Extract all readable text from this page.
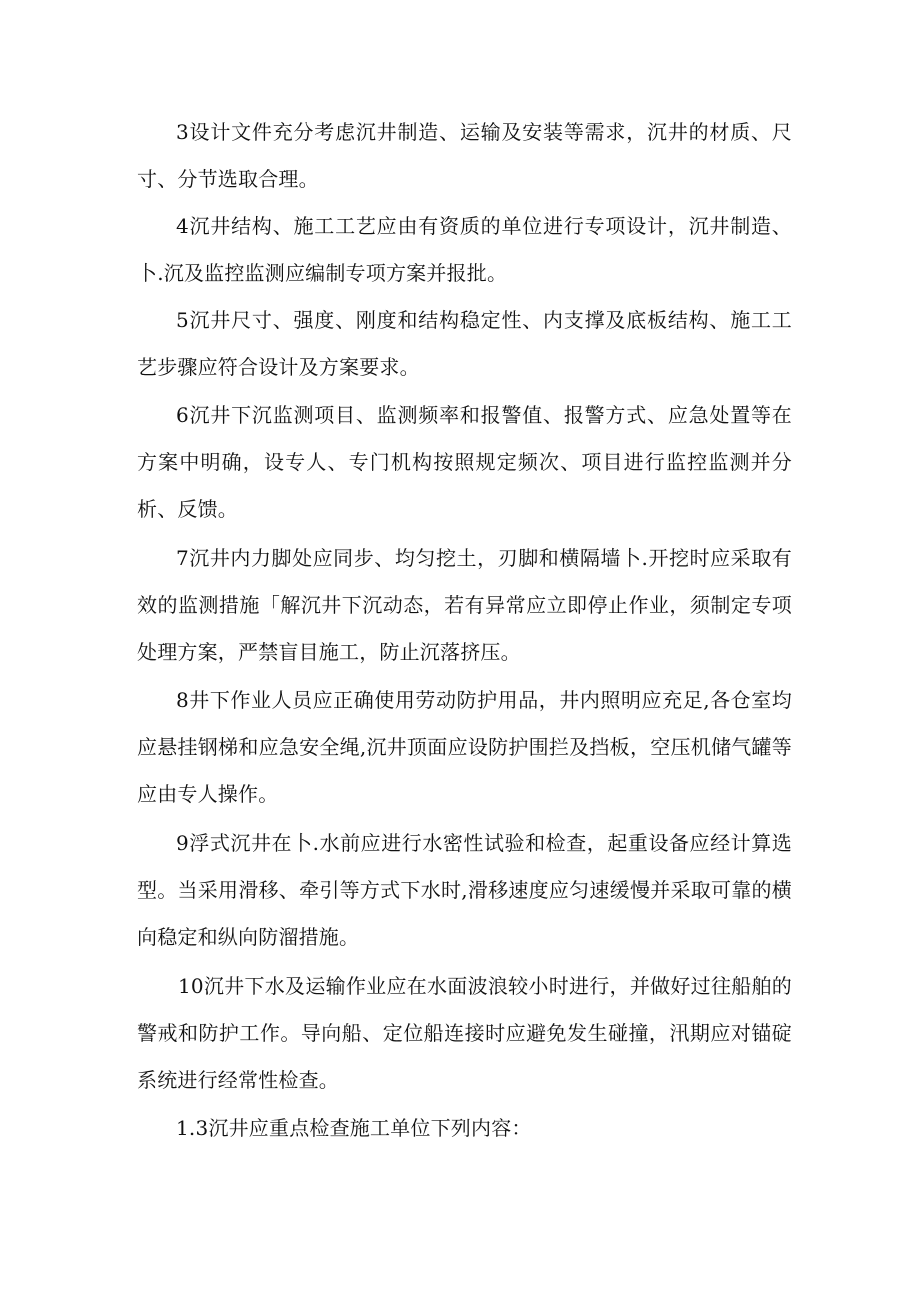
3设计文件充分考虑沉井制造、运输及安装等需求，沉井的材质、尺寸、分节选取合理。

4沉井结构、施工工艺应由有资质的单位进行专项设计，沉井制造、卜.沉及监控监测应编制专项方案并报批。

5沉井尺寸、强度、刚度和结构稳定性、内支撑及底板结构、施工工艺步骤应符合设计及方案要求。

6沉井下沉监测项目、监测频率和报警值、报警方式、应急处置等在方案中明确，设专人、专门机构按照规定频次、项目进行监控监测并分析、反馈。

7沉井内力脚处应同步、均匀挖土，刃脚和横隔墙卜.开挖时应采取有效的监测措施「解沉井下沉动态，若有异常应立即停止作业，须制定专项处理方案，严禁盲目施工，防止沉落挤压。

8井下作业人员应正确使用劳动防护用品，井内照明应充足,各仓室均应悬挂钢梯和应急安全绳,沉井顶面应设防护围拦及挡板，空压机储气罐等应由专人操作。

9浮式沉井在卜.水前应进行水密性试验和检查，起重设备应经计算选型。当采用滑移、牵引等方式下水时,滑移速度应匀速缓慢并采取可靠的横向稳定和纵向防溜措施。

10沉井下水及运输作业应在水面波浪较小时进行，并做好过往船舶的警戒和防护工作。导向船、定位船连接时应避免发生碰撞，汛期应对锚碇系统进行经常性检查。

1.3沉井应重点检查施工单位下列内容：
